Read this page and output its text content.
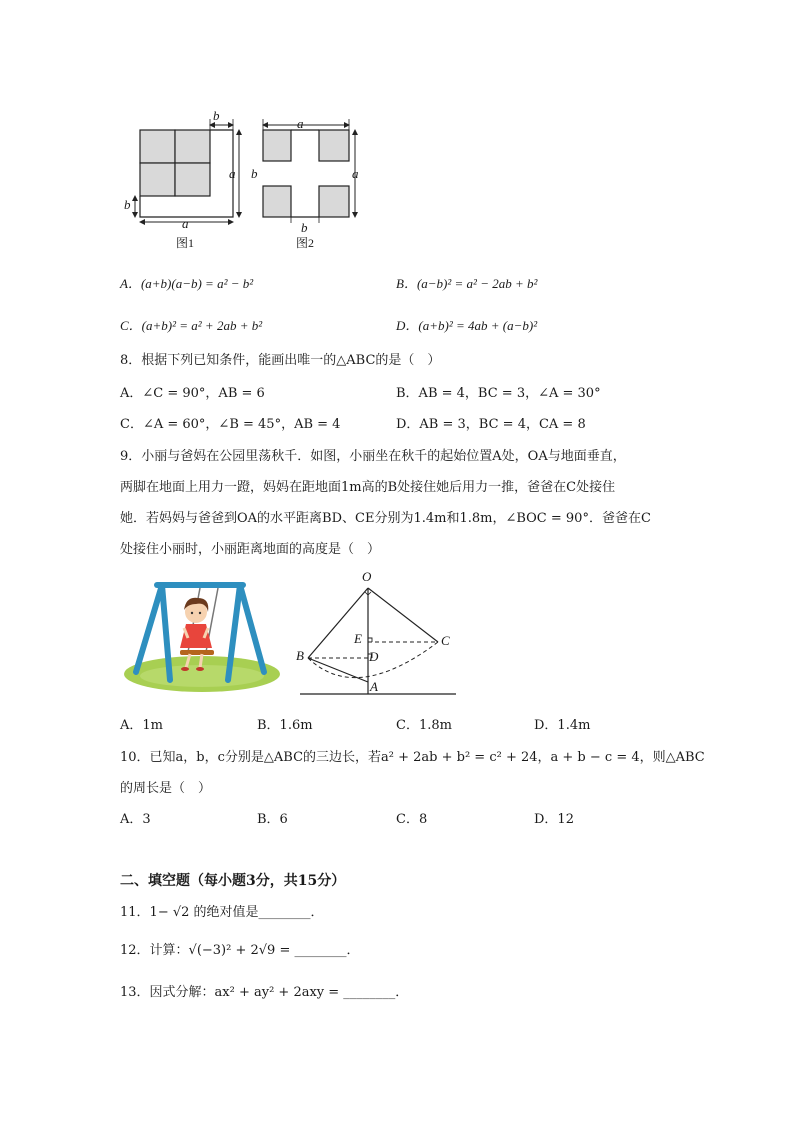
b
a
b
a
图1
a
b	a
b
图2
A．(a+b)(a−b) = a² − b²	B．(a−b)² = a² − 2ab + b²
C．(a+b)² = a² + 2ab + b²	D．(a+b)² = 4ab + (a−b)²
8．根据下列已知条件，能画出唯一的△ABC的是（　）
A．∠C = 90°，AB = 6	B．AB = 4，BC = 3，∠A = 30°
C．∠A = 60°，∠B = 45°，AB = 4	D．AB = 3，BC = 4，CA = 8
9．小丽与爸妈在公园里荡秋千．如图，小丽坐在秋千的起始位置A处，OA与地面垂直，
两脚在地面上用力一蹬，妈妈在距地面1m高的B处接住她后用力一推，爸爸在C处接住
她．若妈妈与爸爸到OA的水平距离BD、CE分别为1.4m和1.8m，∠BOC = 90°．爸爸在C
处接住小丽时，小丽距离地面的高度是（　）
O
E
D
B
C
A
A．1m	B．1.6m	C．1.8m	D．1.4m
10．已知a，b，c分别是△ABC的三边长，若a² + 2ab + b² = c² + 24，a + b − c = 4，则△ABC
的周长是（　）
A．3	B．6	C．8	D．12
二、填空题（每小题3分，共15分）
11．1− √2 的绝对值是________．
12．计算：√(−3)² + 2√9 = ________．
13．因式分解：ax² + ay² + 2axy = ________．
